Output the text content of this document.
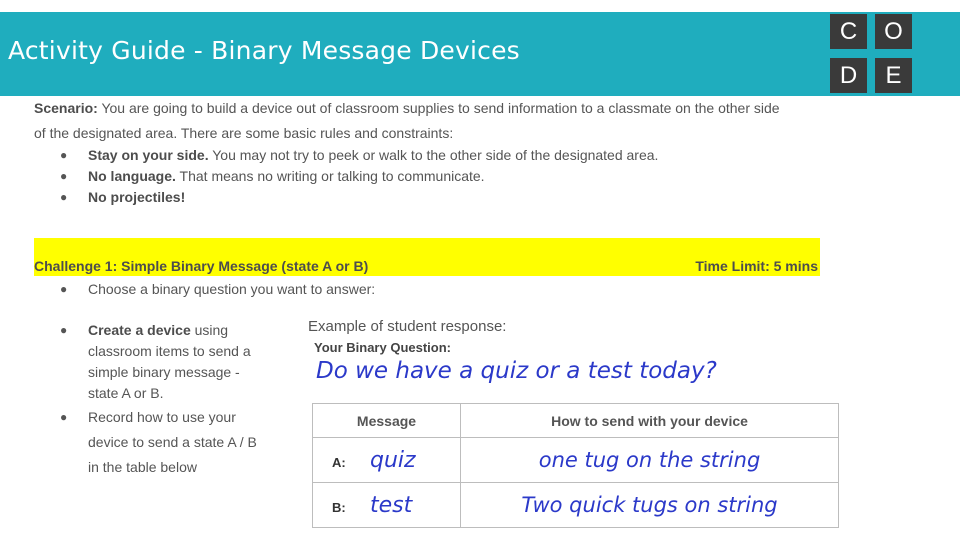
Activity Guide - Binary Message Devices
C	O
D	E
Scenario: You are going to build a device out of classroom supplies to send information to a classmate on the other side
of the designated area. There are some basic rules and constraints:
● Stay on your side. You may not try to peek or walk to the other side of the designated area.
● No language. That means no writing or talking to communicate.
● No projectiles!
Challenge 1: Simple Binary Message (state A or B)	Time Limit: 5 mins
● Choose a binary question you want to answer:
● Create a device using
classroom items to send a
simple binary message -
state A or B.
● Record how to use your
device to send a state A / B
in the table below
Example of student response:
Your Binary Question:
Do we have a quiz or a test today?
Message	How to send with your device
A: quiz	one tug on the string
B: test	Two quick tugs on string
